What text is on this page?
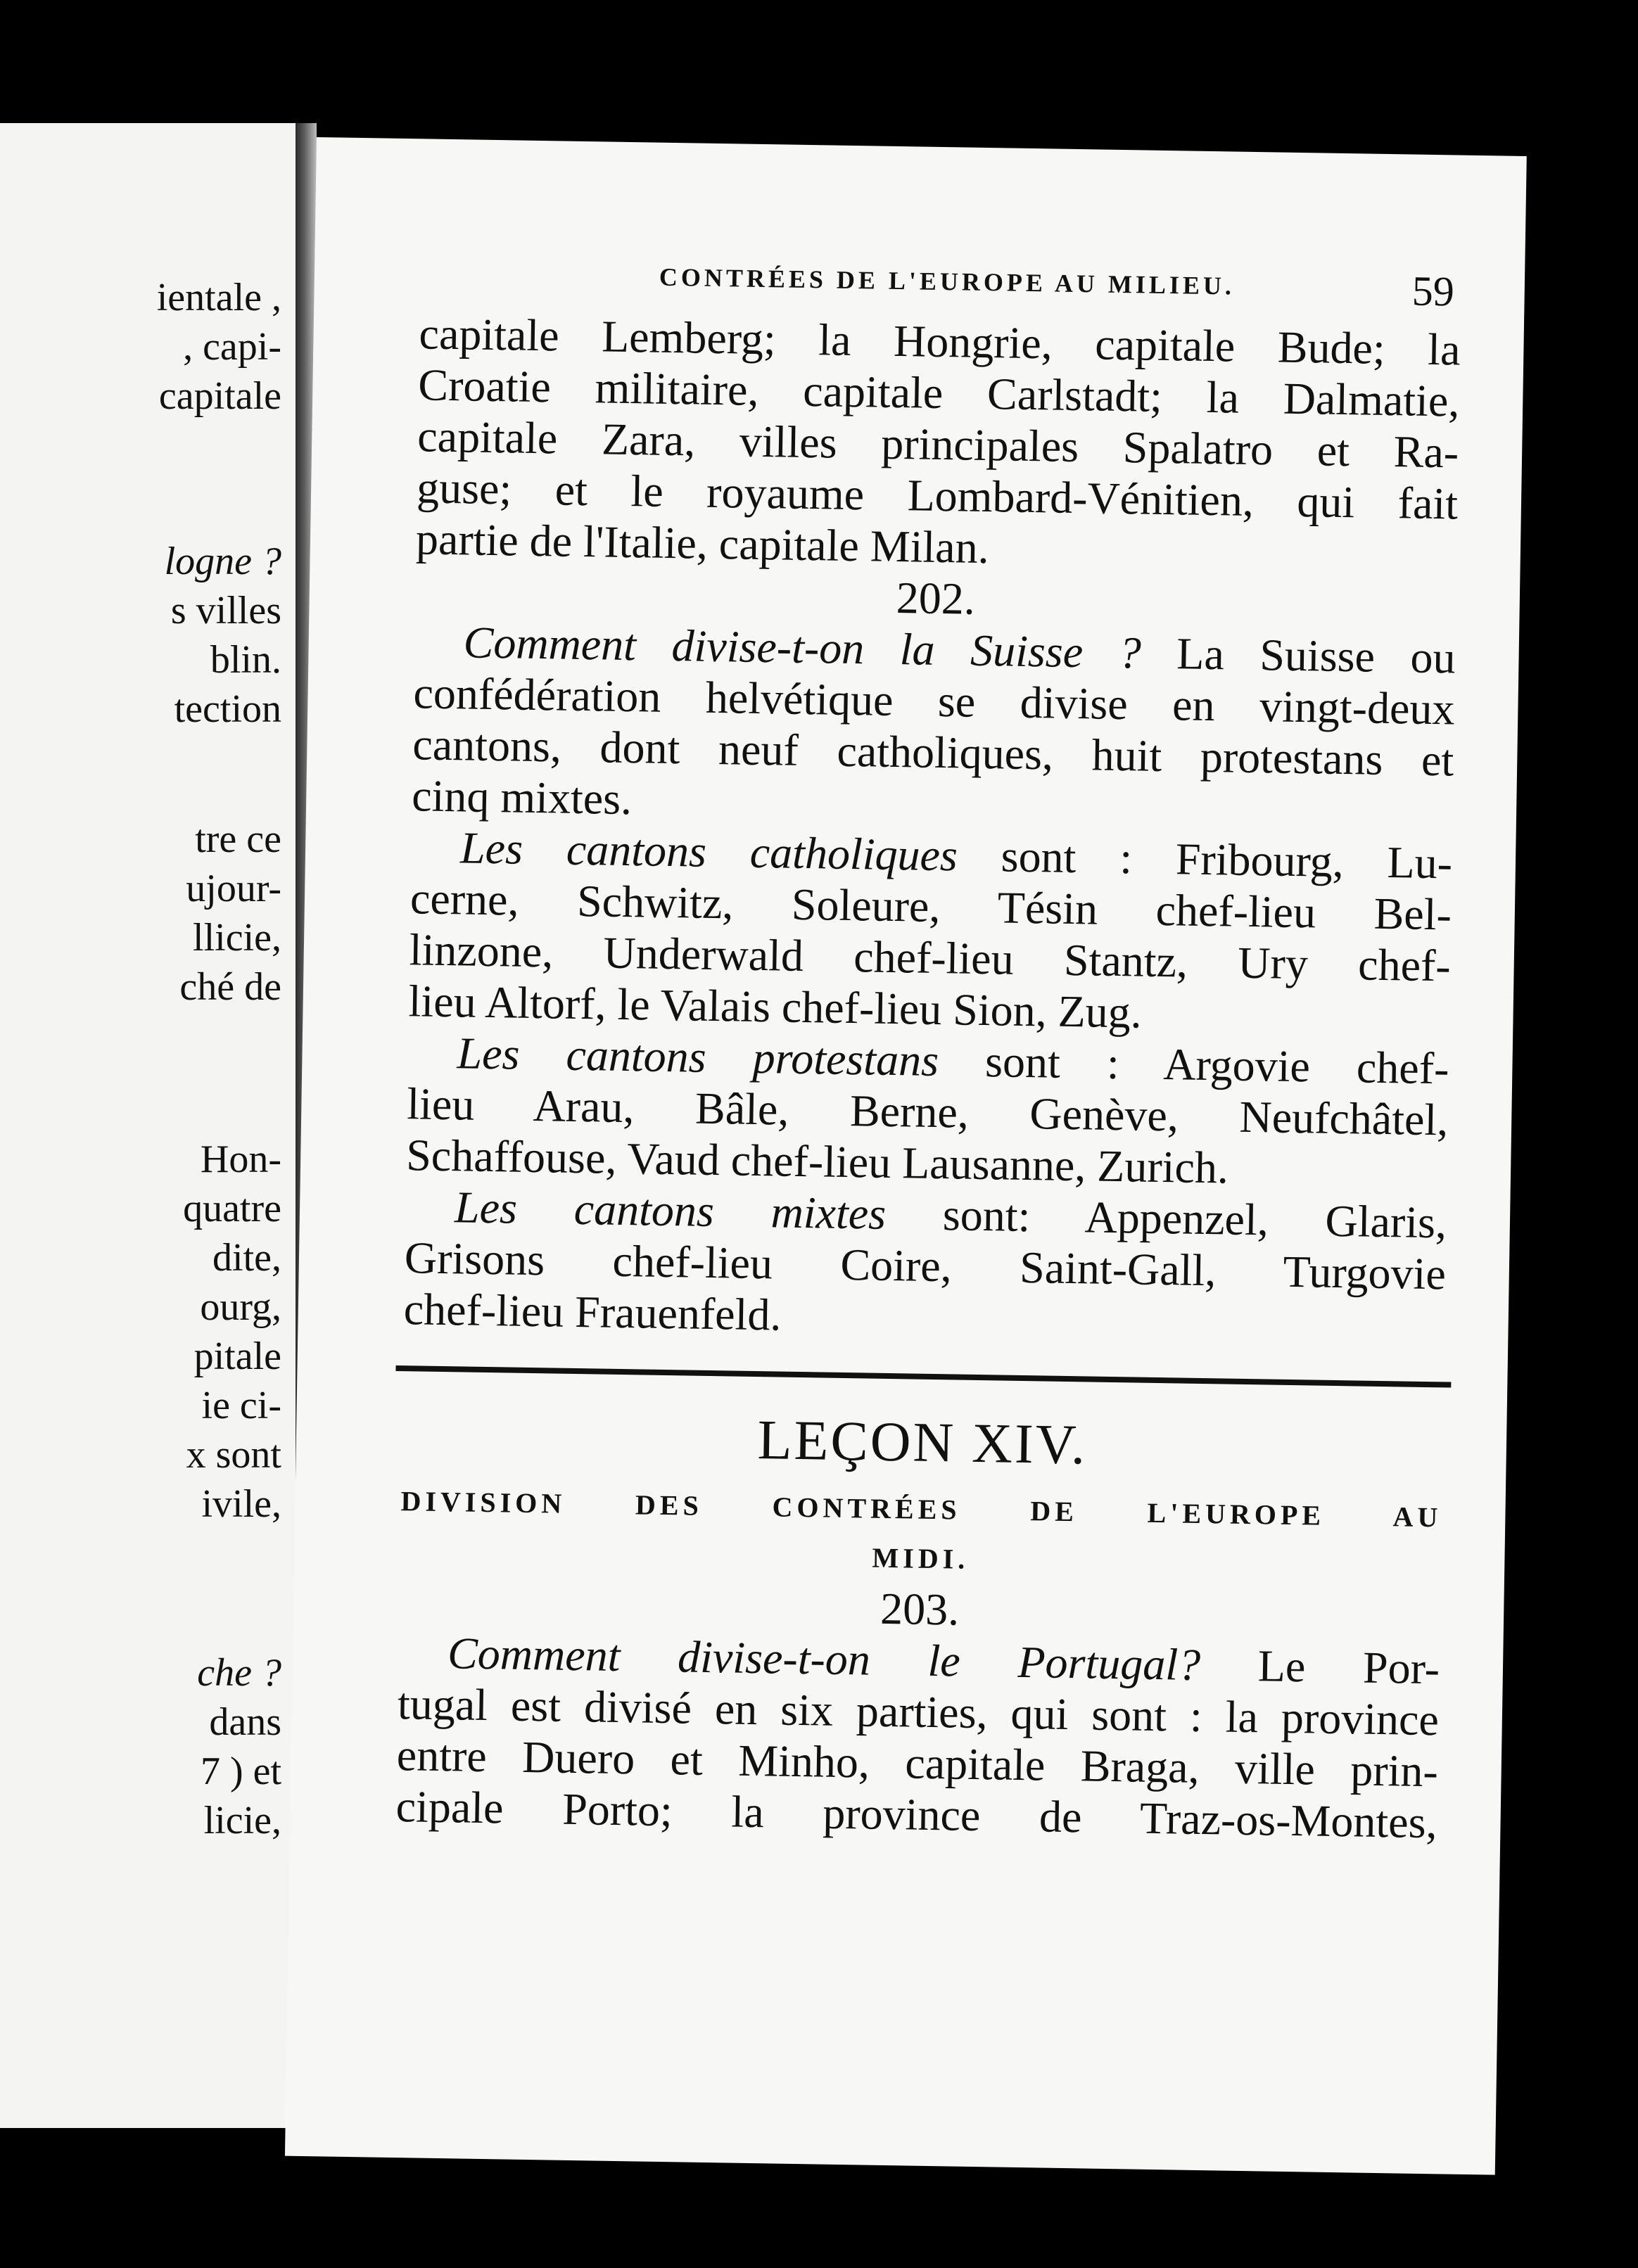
ientale ,
, capi-
capitale
logne ?
s villes
blin.
tection
tre ce
ujour-
llicie,
ché de
Hon-
quatre
dite,
ourg,
pitale
ie ci-
x sont
ivile,
che ?
dans
7 ) et
licie,
CONTRÉES DE L'EUROPE AU MILIEU.	59
capitale Lemberg; la Hongrie, capitale Bude; la
Croatie militaire, capitale Carlstadt; la Dalmatie,
capitale Zara, villes principales Spalatro et Ra-
guse; et le royaume Lombard-Vénitien, qui fait
partie de l'Italie, capitale Milan.
202.
Comment divise-t-on la Suisse ? La Suisse ou
confédération helvétique se divise en vingt-deux
cantons, dont neuf catholiques, huit protestans et
cinq mixtes.
Les cantons catholiques sont : Fribourg, Lu-
cerne, Schwitz, Soleure, Tésin chef-lieu Bel-
linzone, Underwald chef-lieu Stantz, Ury chef-
lieu Altorf, le Valais chef-lieu Sion, Zug.
Les cantons protestans sont : Argovie chef-
lieu Arau, Bâle, Berne, Genève, Neufchâtel,
Schaffouse, Vaud chef-lieu Lausanne, Zurich.
Les cantons mixtes sont: Appenzel, Glaris,
Grisons chef-lieu Coire, Saint-Gall, Turgovie
chef-lieu Frauenfeld.
LEÇON XIV.
DIVISION DES CONTRÉES DE L'EUROPE AU
MIDI.
203.
Comment divise-t-on le Portugal? Le Por-
tugal est divisé en six parties, qui sont : la province
entre Duero et Minho, capitale Braga, ville prin-
cipale Porto; la province de Traz-os-Montes,
